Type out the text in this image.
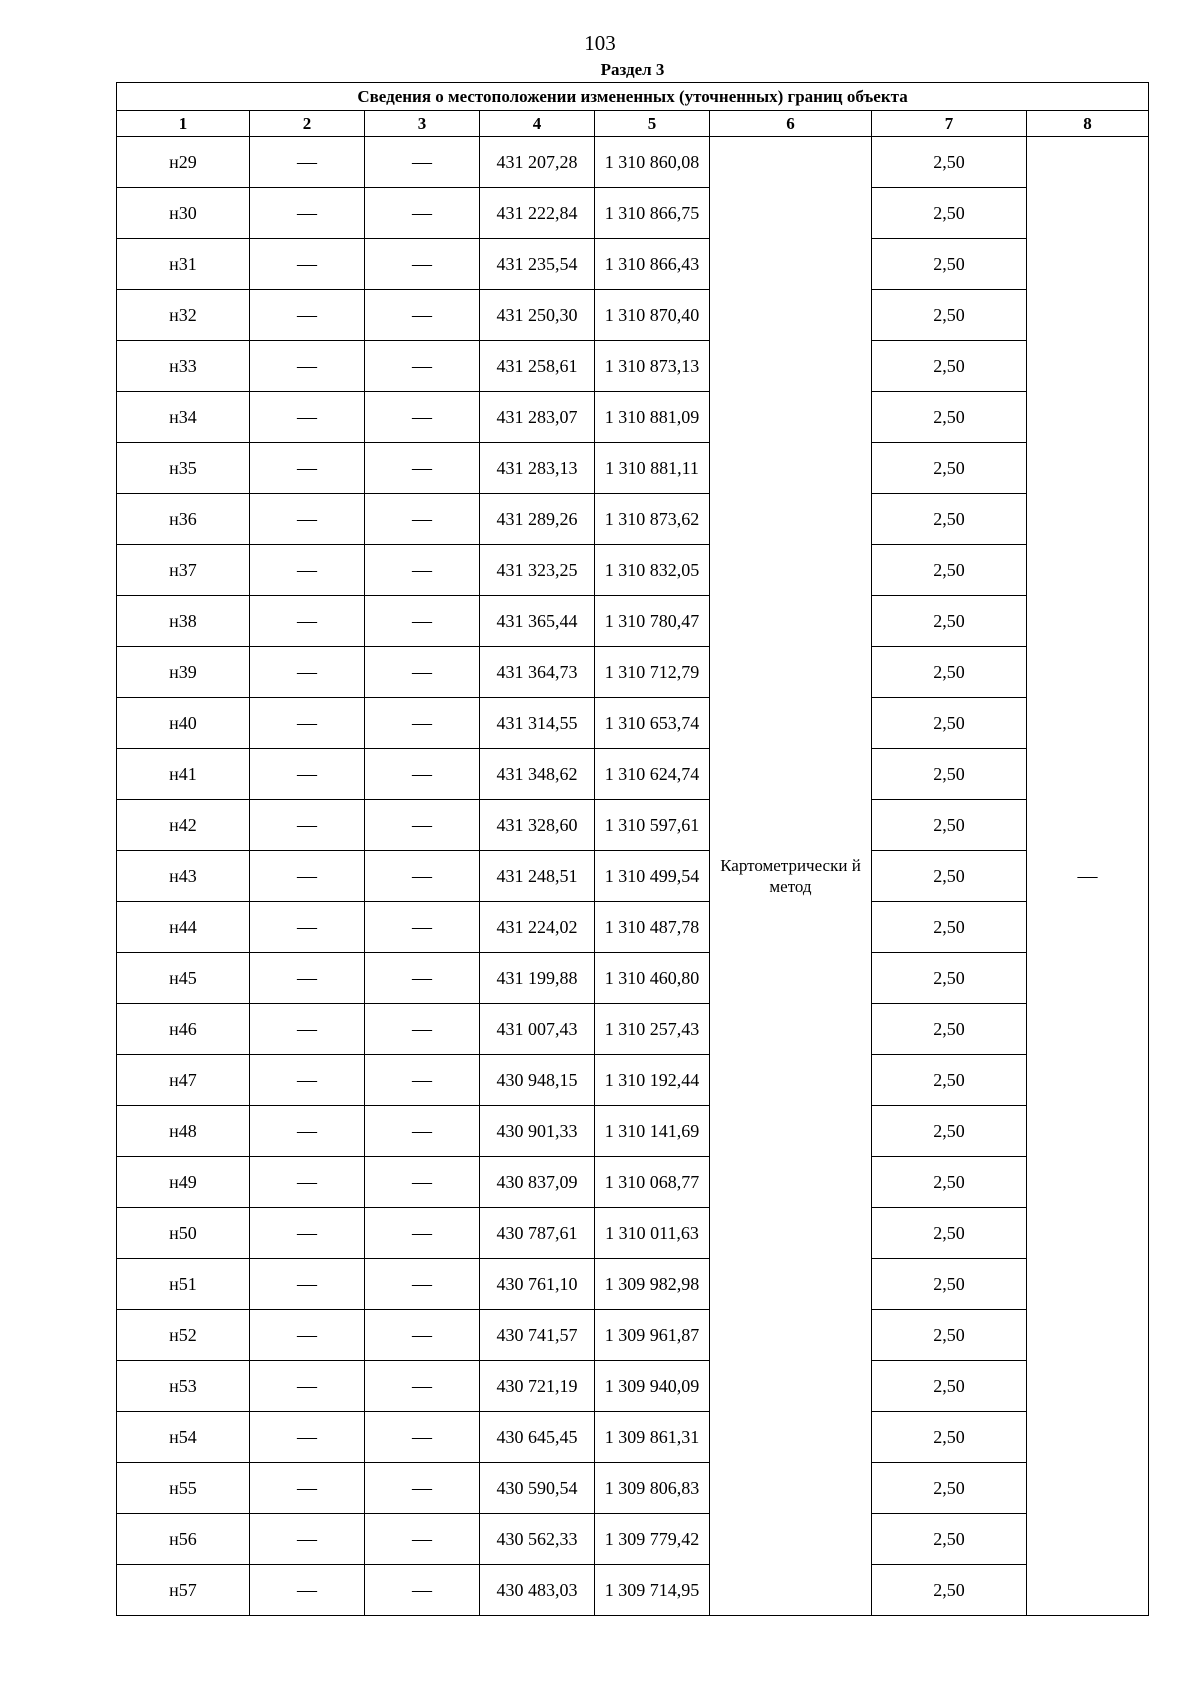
103
Раздел 3
Сведения о местоположении измененных (уточненных) границ объекта							
1	2	3	4	5	6	7	8
н29	—	—	431 207,28	1 310 860,08	Картометрически й метод	2,50	—
н30	—	—	431 222,84	1 310 866,75		2,50	
н31	—	—	431 235,54	1 310 866,43		2,50	
н32	—	—	431 250,30	1 310 870,40		2,50	
н33	—	—	431 258,61	1 310 873,13		2,50	
н34	—	—	431 283,07	1 310 881,09		2,50	
н35	—	—	431 283,13	1 310 881,11		2,50	
н36	—	—	431 289,26	1 310 873,62		2,50	
н37	—	—	431 323,25	1 310 832,05		2,50	
н38	—	—	431 365,44	1 310 780,47		2,50	
н39	—	—	431 364,73	1 310 712,79		2,50	
н40	—	—	431 314,55	1 310 653,74		2,50	
н41	—	—	431 348,62	1 310 624,74		2,50	
н42	—	—	431 328,60	1 310 597,61		2,50	
н43	—	—	431 248,51	1 310 499,54		2,50	
н44	—	—	431 224,02	1 310 487,78		2,50	
н45	—	—	431 199,88	1 310 460,80		2,50	
н46	—	—	431 007,43	1 310 257,43		2,50	
н47	—	—	430 948,15	1 310 192,44		2,50	
н48	—	—	430 901,33	1 310 141,69		2,50	
н49	—	—	430 837,09	1 310 068,77		2,50	
н50	—	—	430 787,61	1 310 011,63		2,50	
н51	—	—	430 761,10	1 309 982,98		2,50	
н52	—	—	430 741,57	1 309 961,87		2,50	
н53	—	—	430 721,19	1 309 940,09		2,50	
н54	—	—	430 645,45	1 309 861,31		2,50	
н55	—	—	430 590,54	1 309 806,83		2,50	
н56	—	—	430 562,33	1 309 779,42		2,50	
н57	—	—	430 483,03	1 309 714,95		2,50	
